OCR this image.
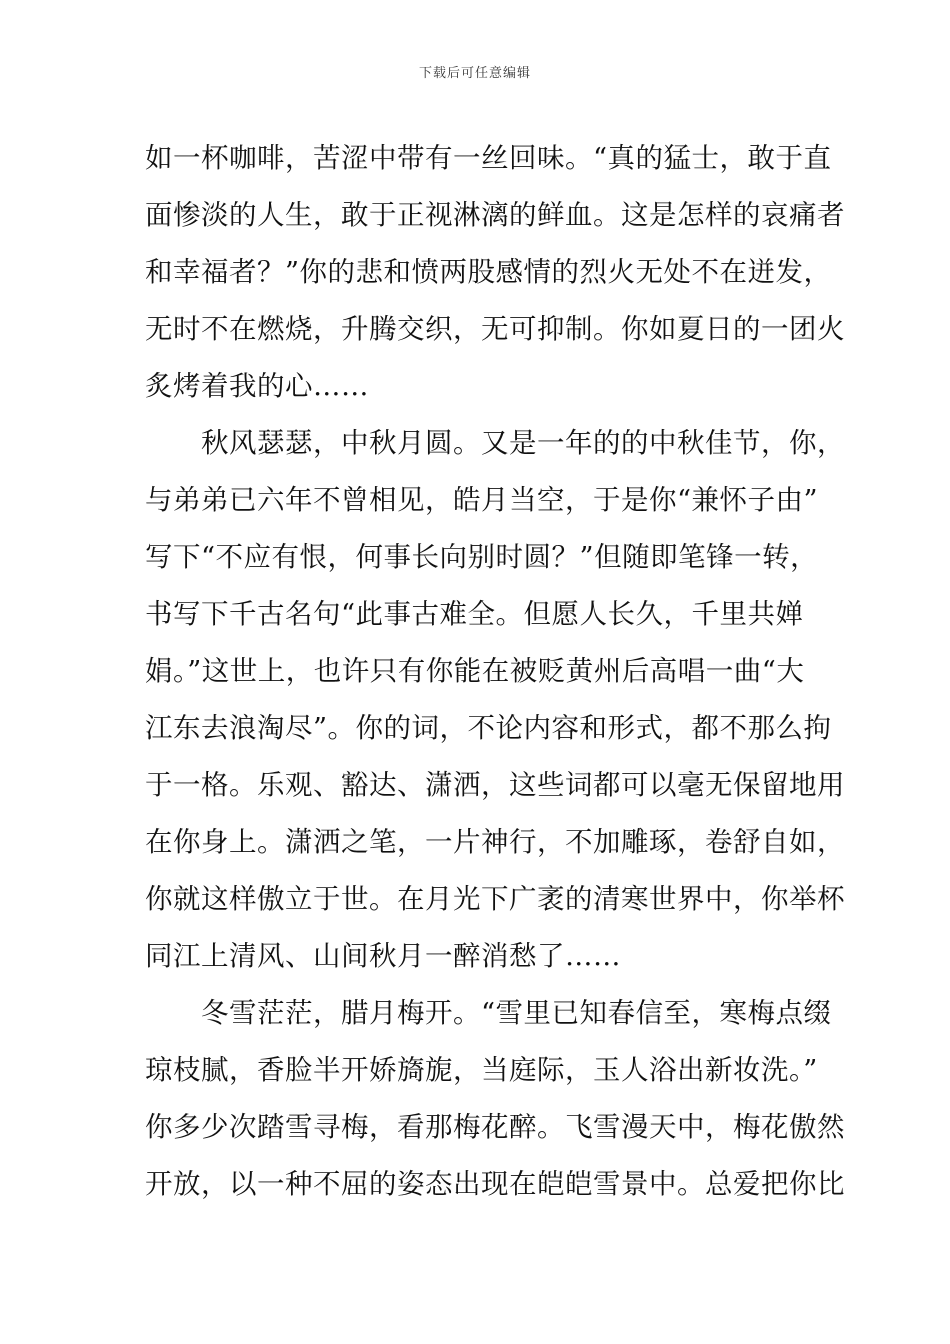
下载后可任意编辑
如一杯咖啡，苦涩中带有一丝回味。“真的猛士，敢于直
面惨淡的人生，敢于正视淋漓的鲜血。这是怎样的哀痛者
和幸福者？”你的悲和愤两股感情的烈火无处不在迸发，
无时不在燃烧，升腾交织，无可抑制。你如夏日的一团火
炙烤着我的心……
　　秋风瑟瑟，中秋月圆。又是一年的的中秋佳节，你，
与弟弟已六年不曾相见，皓月当空，于是你“兼怀子由”
写下“不应有恨，何事长向别时圆？”但随即笔锋一转，
书写下千古名句“此事古难全。但愿人长久，千里共婵
娟。”这世上，也许只有你能在被贬黄州后高唱一曲“大
江东去浪淘尽”。你的词，不论内容和形式，都不那么拘
于一格。乐观、豁达、潇洒，这些词都可以毫无保留地用
在你身上。潇洒之笔，一片神行，不加雕琢，卷舒自如，
你就这样傲立于世。在月光下广袤的清寒世界中，你举杯
同江上清风、山间秋月一醉消愁了……
　　冬雪茫茫，腊月梅开。“雪里已知春信至，寒梅点缀
琼枝腻，香脸半开娇旖旎，当庭际，玉人浴出新妆洗。”
你多少次踏雪寻梅，看那梅花醉。飞雪漫天中，梅花傲然
开放，以一种不屈的姿态出现在皑皑雪景中。总爱把你比
